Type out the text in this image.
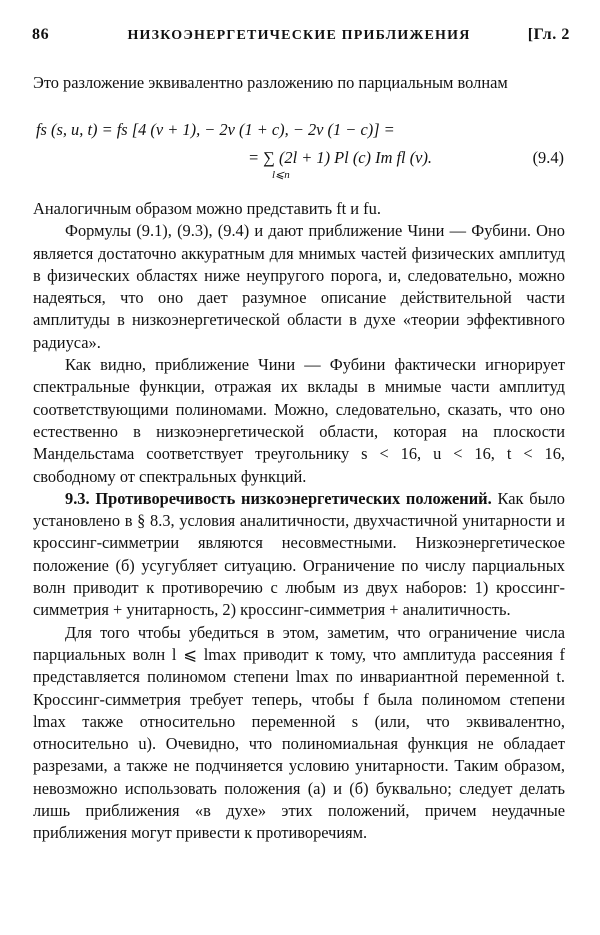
86	НИЗКОЭНЕРГЕТИЧЕСКИЕ ПРИБЛИЖЕНИЯ	[Гл. 2

Это разложение эквивалентно разложению по парциальным волнам

fs (s, u, t) = fs [4 (ν + 1), − 2ν (1 + c), − 2ν (1 − c)] =
= ∑ (2l + 1) Pl (c) Im fl (ν).
l⩽n
(9.4)

Аналогичным образом можно представить ft и fu.

Формулы (9.1), (9.3), (9.4) и дают приближение Чини — Фубини. Оно является достаточно аккуратным для мнимых частей физических амплитуд в физических областях ниже неупругого порога, и, следовательно, можно надеяться, что оно дает разумное описание действительной части амплитуды в низкоэнергетической области в духе «теории эффективного радиуса».

Как видно, приближение Чини — Фубини фактически игнорирует спектральные функции, отражая их вклады в мнимые части амплитуд соответствующими полиномами. Можно, следовательно, сказать, что оно естественно в низкоэнергетической области, которая на плоскости Мандельстама соответствует треугольнику s < 16, u < 16, t < 16, свободному от спектральных функций.

9.3. Противоречивость низкоэнергетических положений. Как было установлено в § 8.3, условия аналитичности, двухчастичной унитарности и кроссинг-симметрии являются несовместными. Низкоэнергетическое положение (б) усугубляет ситуацию. Ограничение по числу парциальных волн приводит к противоречию с любым из двух наборов: 1) кроссинг-симметрия + унитарность, 2) кроссинг-симметрия + аналитичность.

Для того чтобы убедиться в этом, заметим, что ограничение числа парциальных волн l ⩽ lmax приводит к тому, что амплитуда рассеяния f представляется полиномом степени lmax по инвариантной переменной t. Кроссинг-симметрия требует теперь, чтобы f была полиномом степени lmax также относительно переменной s (или, что эквивалентно, относительно u). Очевидно, что полиномиальная функция не обладает разрезами, а также не подчиняется условию унитарности. Таким образом, невозможно использовать положения (а) и (б) буквально; следует делать лишь приближения «в духе» этих положений, причем неудачные приближения могут привести к противоречиям.
